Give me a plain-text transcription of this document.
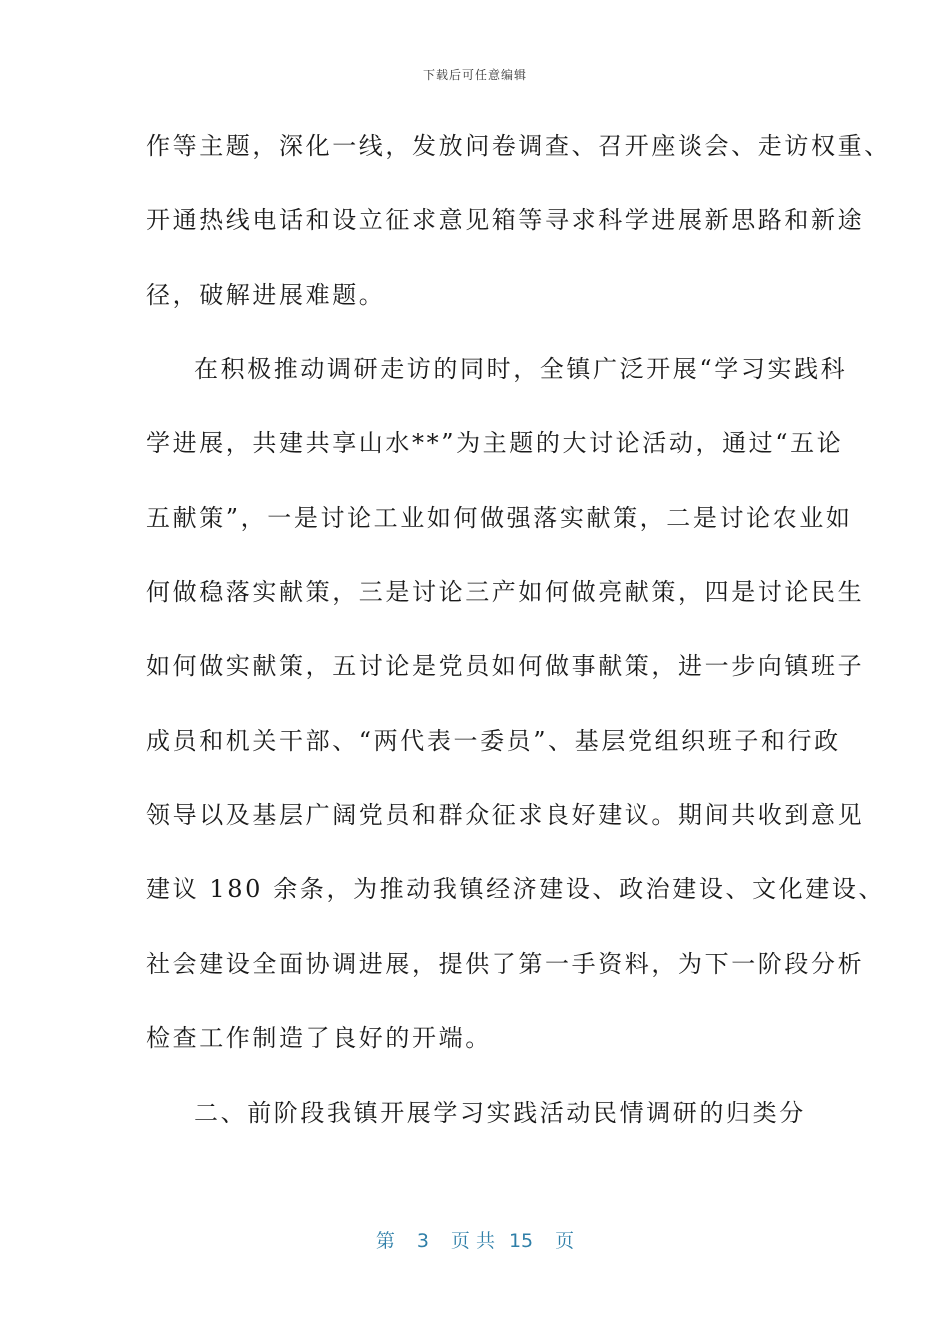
下载后可任意编辑
作等主题，深化一线，发放问卷调查、召开座谈会、走访权重、
开通热线电话和设立征求意见箱等寻求科学进展新思路和新途
径，破解进展难题。
在积极推动调研走访的同时，全镇广泛开展“学习实践科
学进展，共建共享山水**”为主题的大讨论活动，通过“五论
五献策”，一是讨论工业如何做强落实献策，二是讨论农业如
何做稳落实献策，三是讨论三产如何做亮献策，四是讨论民生
如何做实献策，五讨论是党员如何做事献策，进一步向镇班子
成员和机关干部、“两代表一委员”、基层党组织班子和行政
领导以及基层广阔党员和群众征求良好建议。期间共收到意见
建议 180 余条，为推动我镇经济建设、政治建设、文化建设、
社会建设全面协调进展，提供了第一手资料，为下一阶段分析
检查工作制造了良好的开端。
二、前阶段我镇开展学习实践活动民情调研的归类分
第 3 页 共 15 页
